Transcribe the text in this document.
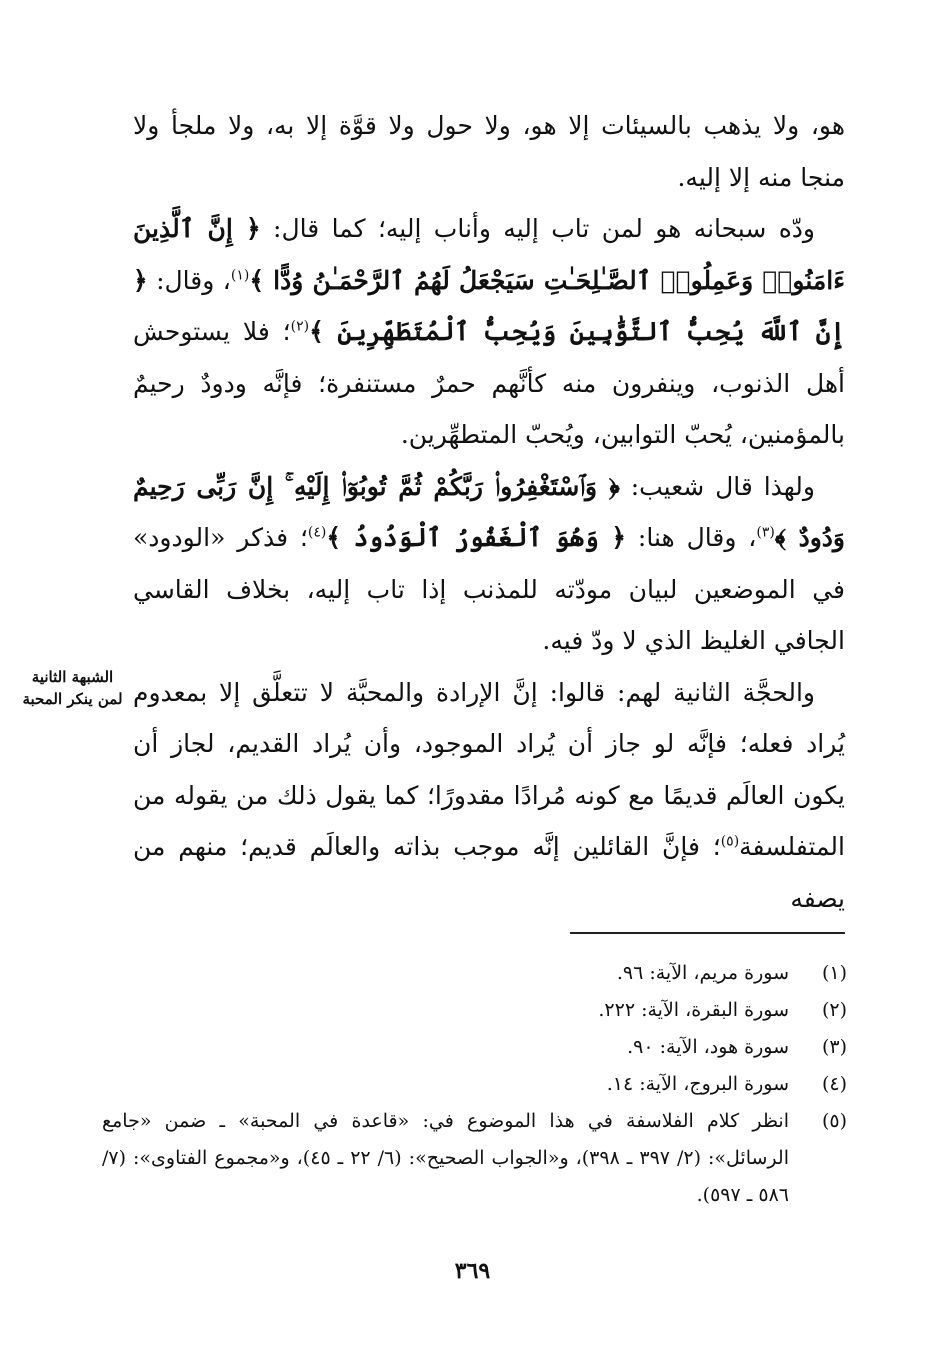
هو، ولا يذهب بالسيئات إلا هو، ولا حول ولا قوَّة إلا به، ولا ملجأ ولا منجا منه إلا إليه.

ودّه سبحانه هو لمن تاب إليه وأناب إليه؛ كما قال: ﴿ إِنَّ ٱلَّذِينَ ءَامَنُوا۟ وَعَمِلُوا۟ ٱلصَّـٰلِحَـٰتِ سَيَجْعَلُ لَهُمُ ٱلرَّحْمَـٰنُ وُدًّا ﴾$^{(١)}$، وقال: ﴿ إِنَّ ٱللَّهَ يُحِبُّ ٱلتَّوَّٰبِينَ وَيُحِبُّ ٱلْمُتَطَهِّرِينَ ﴾$^{(٢)}$؛ فلا يستوحش أهل الذنوب، وينفرون منه كأنَّهم حمرٌ مستنفرة؛ فإنَّه ودودٌ رحيمٌ بالمؤمنين، يُحبّ التوابين، ويُحبّ المتطهِّرين.

ولهذا قال شعيب: ﴿ وَٱسْتَغْفِرُوا۟ رَبَّكُمْ ثُمَّ تُوبُوٓا۟ إِلَيْهِ ۚ إِنَّ رَبِّى رَحِيمٌ وَدُودٌ ﴾$^{(٣)}$، وقال هنا: ﴿ وَهُوَ ٱلْغَفُورُ ٱلْوَدُودُ ﴾$^{(٤)}$؛ فذكر «الودود» في الموضعين لبيان مودّته للمذنب إذا تاب إليه، بخلاف القاسي الجافي الغليظ الذي لا ودّ فيه.

والحجَّة الثانية لهم: قالوا: إنَّ الإرادة والمحبَّة لا تتعلَّق إلا بمعدوم يُراد فعله؛ فإنَّه لو جاز أن يُراد الموجود، وأن يُراد القديم، لجاز أن يكون العالَم قديمًا مع كونه مُرادًا مقدورًا؛ كما يقول ذلك من يقوله من المتفلسفة$^{(٥)}$؛ فإنَّ القائلين إنَّه موجب بذاته والعالَم قديم؛ منهم من يصفه

الشبهة الثانية لمن ينكر المحبة
(١)
سورة مريم، الآية: ٩٦.
(٢)
سورة البقرة، الآية: ٢٢٢.
(٣)
سورة هود، الآية: ٩٠.
(٤)
سورة البروج، الآية: ١٤.
(٥)
انظر كلام الفلاسفة في هذا الموضوع في: «قاعدة في المحبة» ـ ضمن «جامع الرسائل»: (٢/ ٣٩٧ ـ ٣٩٨)، و«الجواب الصحيح»: (٦/ ٢٢ ـ ٤٥)، و«مجموع الفتاوى»: (٧/ ٥٨٦ ـ ٥٩٧).
٣٦٩
